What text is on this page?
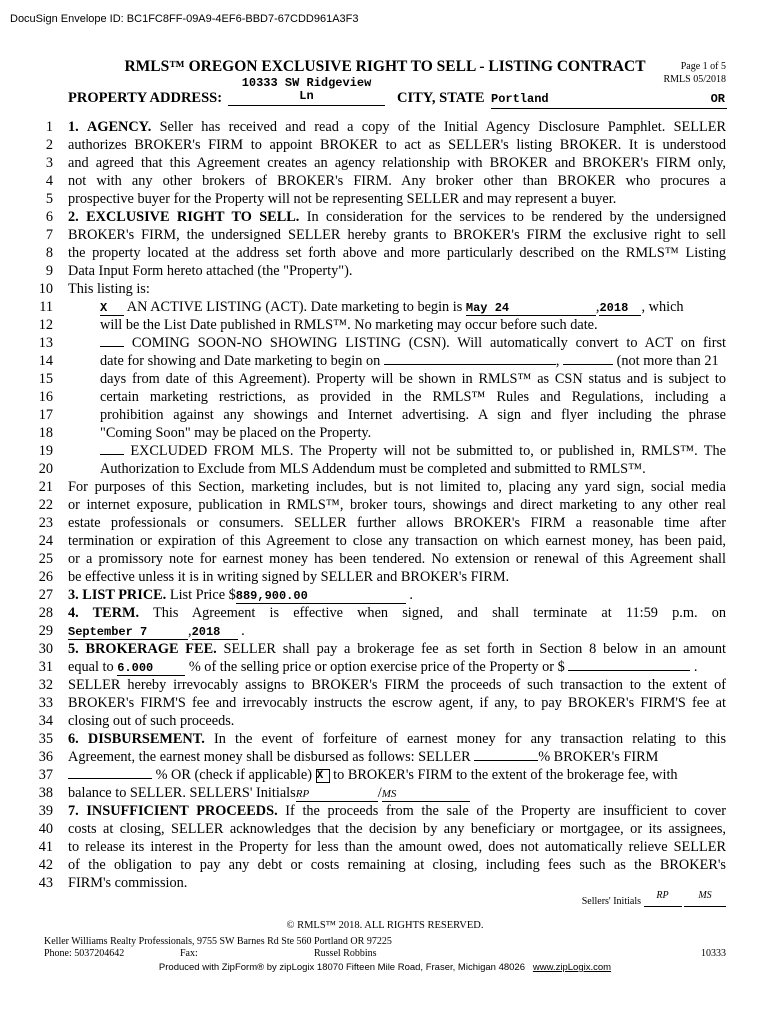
DocuSign Envelope ID: BC1FC8FF-09A9-4EF6-BBD7-67CDD961A3F3
RMLS™ OREGON EXCLUSIVE RIGHT TO SELL - LISTING CONTRACT	Page 1 of 5
RMLS 05/2018
PROPERTY ADDRESS:
10333 SW Ridgeview
Ln	CITY, STATE Portland	OR
1 1. AGENCY. Seller has received and read a copy of the Initial Agency Disclosure Pamphlet. SELLER
2 authorizes BROKER's FIRM to appoint BROKER to act as SELLER's listing BROKER. It is understood
3 and agreed that this Agreement creates an agency relationship with BROKER and BROKER's FIRM only,
4 not with any other brokers of BROKER's FIRM. Any broker other than BROKER who procures a
5 prospective buyer for the Property will not be representing SELLER and may represent a buyer.
6 2. EXCLUSIVE RIGHT TO SELL. In consideration for the services to be rendered by the undersigned
7 BROKER's FIRM, the undersigned SELLER hereby grants to BROKER's FIRM the exclusive right to sell
8 the property located at the address set forth above and more particularly described on the RMLS™ Listing
9 Data Input Form hereto attached (the "Property").
10 This listing is:
11	X AN ACTIVE LISTING (ACT). Date marketing to begin is May 24	,2018 , which
12	will be the List Date published in RMLS™. No marketing may occur before such date.
13	COMING SOON-NO SHOWING LISTING (CSN). Will automatically convert to ACT on first
14	date for showing and Date marketing to begin on	,	(not more than 21
15	days from date of this Agreement). Property will be shown in RMLS™ as CSN status and is subject to
16	certain marketing restrictions, as provided in the RMLS™ Rules and Regulations, including a
17	prohibition against any showings and Internet advertising. A sign and flyer including the phrase
18	"Coming Soon" may be placed on the Property.
19	EXCLUDED FROM MLS. The Property will not be submitted to, or published in, RMLS™. The
20	Authorization to Exclude from MLS Addendum must be completed and submitted to RMLS™.
21 For purposes of this Section, marketing includes, but is not limited to, placing any yard sign, social media
22 or internet exposure, publication in RMLS™, broker tours, showings and direct marketing to any other real
23 estate professionals or consumers. SELLER further allows BROKER's FIRM a reasonable time after
24 termination or expiration of this Agreement to close any transaction on which earnest money, has been paid,
25 or a promissory note for earnest money has been tendered. No extension or renewal of this Agreement shall
26 be effective unless it is in writing signed by SELLER and BROKER's FIRM.
27 3. LIST PRICE. List Price $889,900.00	.
28 4. TERM. This Agreement is effective when signed, and shall terminate at 11:59 p.m. on
29 September 7	,2018 .
30 5. BROKERAGE FEE. SELLER shall pay a brokerage fee as set forth in Section 8 below in an amount
31 equal to 6.000 % of the selling price or option exercise price of the Property or $	.
32 SELLER hereby irrevocably assigns to BROKER's FIRM the proceeds of such transaction to the extent of
33 BROKER's FIRM'S fee and irrevocably instructs the escrow agent, if any, to pay BROKER's FIRM'S fee at
34 closing out of such proceeds.
35 6. DISBURSEMENT. In the event of forfeiture of earnest money for any transaction relating to this
36 Agreement, the earnest money shall be disbursed as follows: SELLER	% BROKER's FIRM
37	% OR (check if applicable) X to BROKER's FIRM to the extent of the brokerage fee, with
38 balance to SELLER. SELLERS' InitialsRP	/MS
39 7. INSUFFICIENT PROCEEDS. If the proceeds from the sale of the Property are insufficient to cover
40 costs at closing, SELLER acknowledges that the decision by any beneficiary or mortgagee, or its assignees,
41 to release its interest in the Property for less than the amount owed, does not automatically relieve SELLER
42 of the obligation to pay any debt or costs remaining at closing, including fees such as the BROKER's
43 FIRM's commission.
Sellers' Initials RP	MS
© RMLS™ 2018. ALL RIGHTS RESERVED.
Keller Williams Realty Professionals, 9755 SW Barnes Rd Ste 560 Portland OR 97225
Phone: 5037204642	Fax:	Russel Robbins	10333
Produced with ZipForm® by zipLogix 18070 Fifteen Mile Road, Fraser, Michigan 48026 www.zipLogix.com
